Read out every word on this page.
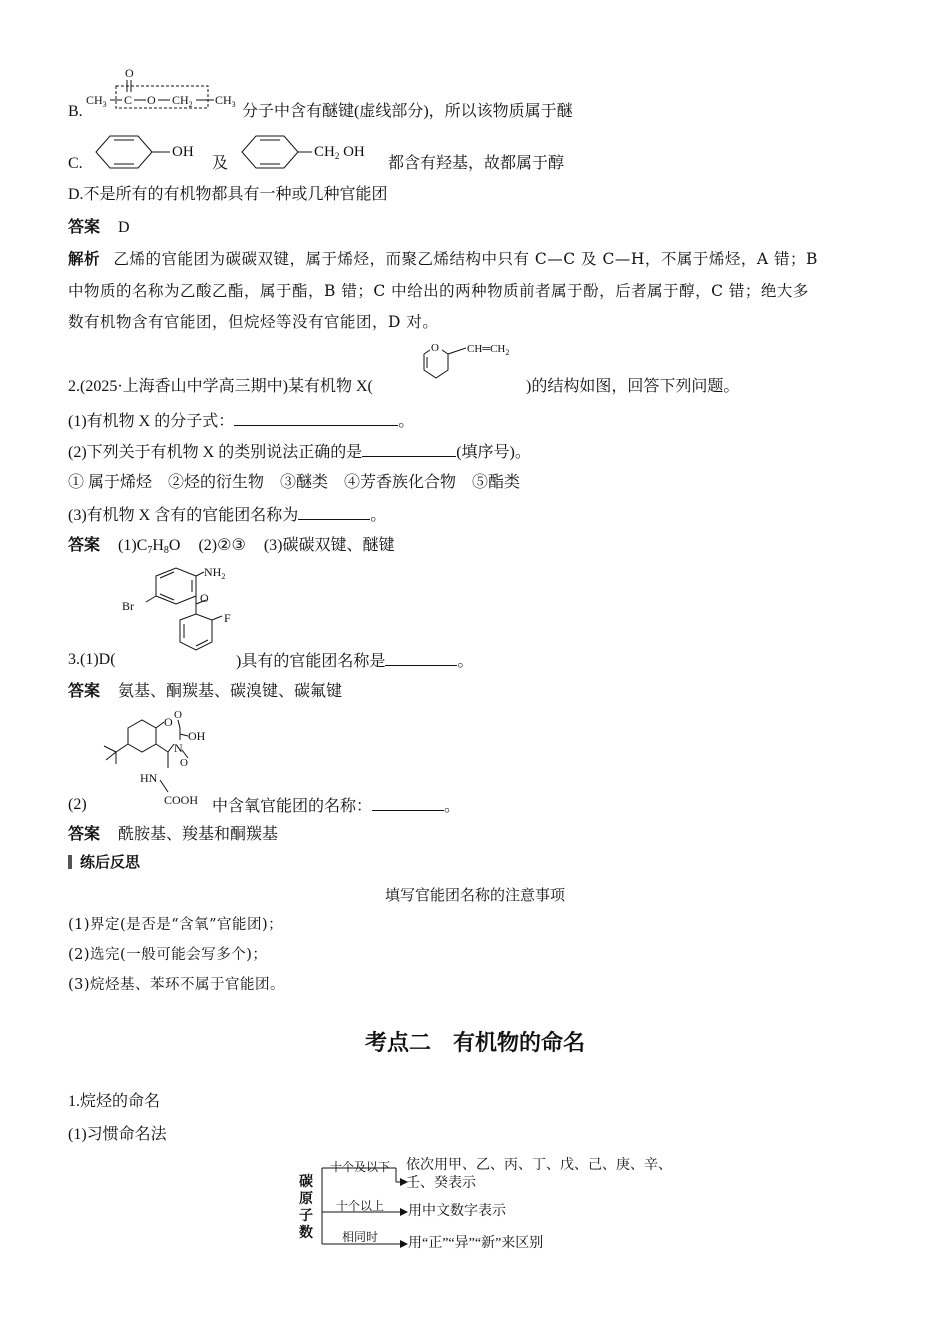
B.
$CH_3$ C
O
O $CH_2$ $CH_3$ 分子中含有醚键(虚线部分)，所以该物质属于醚
C.
OH
及
$CH_2$ OH
都含有羟基，故都属于醇
D.不是所有的有机物都具有一种或几种官能团
答案 D
解析 乙烯的官能团为碳碳双键，属于烯烃，而聚乙烯结构中只有 C—C 及 C—H，不属于烯烃，A 错；B
中物质的名称为乙酸乙酯，属于酯，B 错；C 中给出的两种物质前者属于酚，后者属于醇，C 错；绝大多
数有机物含有官能团，但烷烃等没有官能团，D 对。
2.(2025·上海香山中学高三期中)某有机物 X(
O	$CH═CH_2$
)的结构如图，回答下列问题。
(1)有机物 X 的分子式：	。
(2)下列关于有机物 X 的类别说法正确的是	(填序号)。
① 属于烯烃　②烃的衍生物　③醚类　④芳香族化合物　⑤酯类
(3)有机物 X 含有的官能团名称为	。
答案 $(1)C_7H_8O$ (2)②③ (3)碳碳双键、醚键
$NH_2$
Br
O
F
3.(1)D(	)具有的官能团名称是	。
答案 氨基、酮羰基、碳溴键、碳氟键
O
N
O
OH
O
HN
COOH
(2)	中含氧官能团的名称：	。
答案 酰胺基、羧基和酮羰基
练后反思
填写官能团名称的注意事项
(1)界定(是否是“含氧”官能团)；
(2)选完(一般可能会写多个)；
(3)烷烃基、苯环不属于官能团。
考点二　有机物的命名
1.烷烃的命名
(1)习惯命名法
碳原子数
十个及以下 依次用甲、乙、丙、丁、戊、己、庚、辛、
壬、癸表示
十个以上 用中文数字表示
相同时 用“正”“异”“新”来区别
